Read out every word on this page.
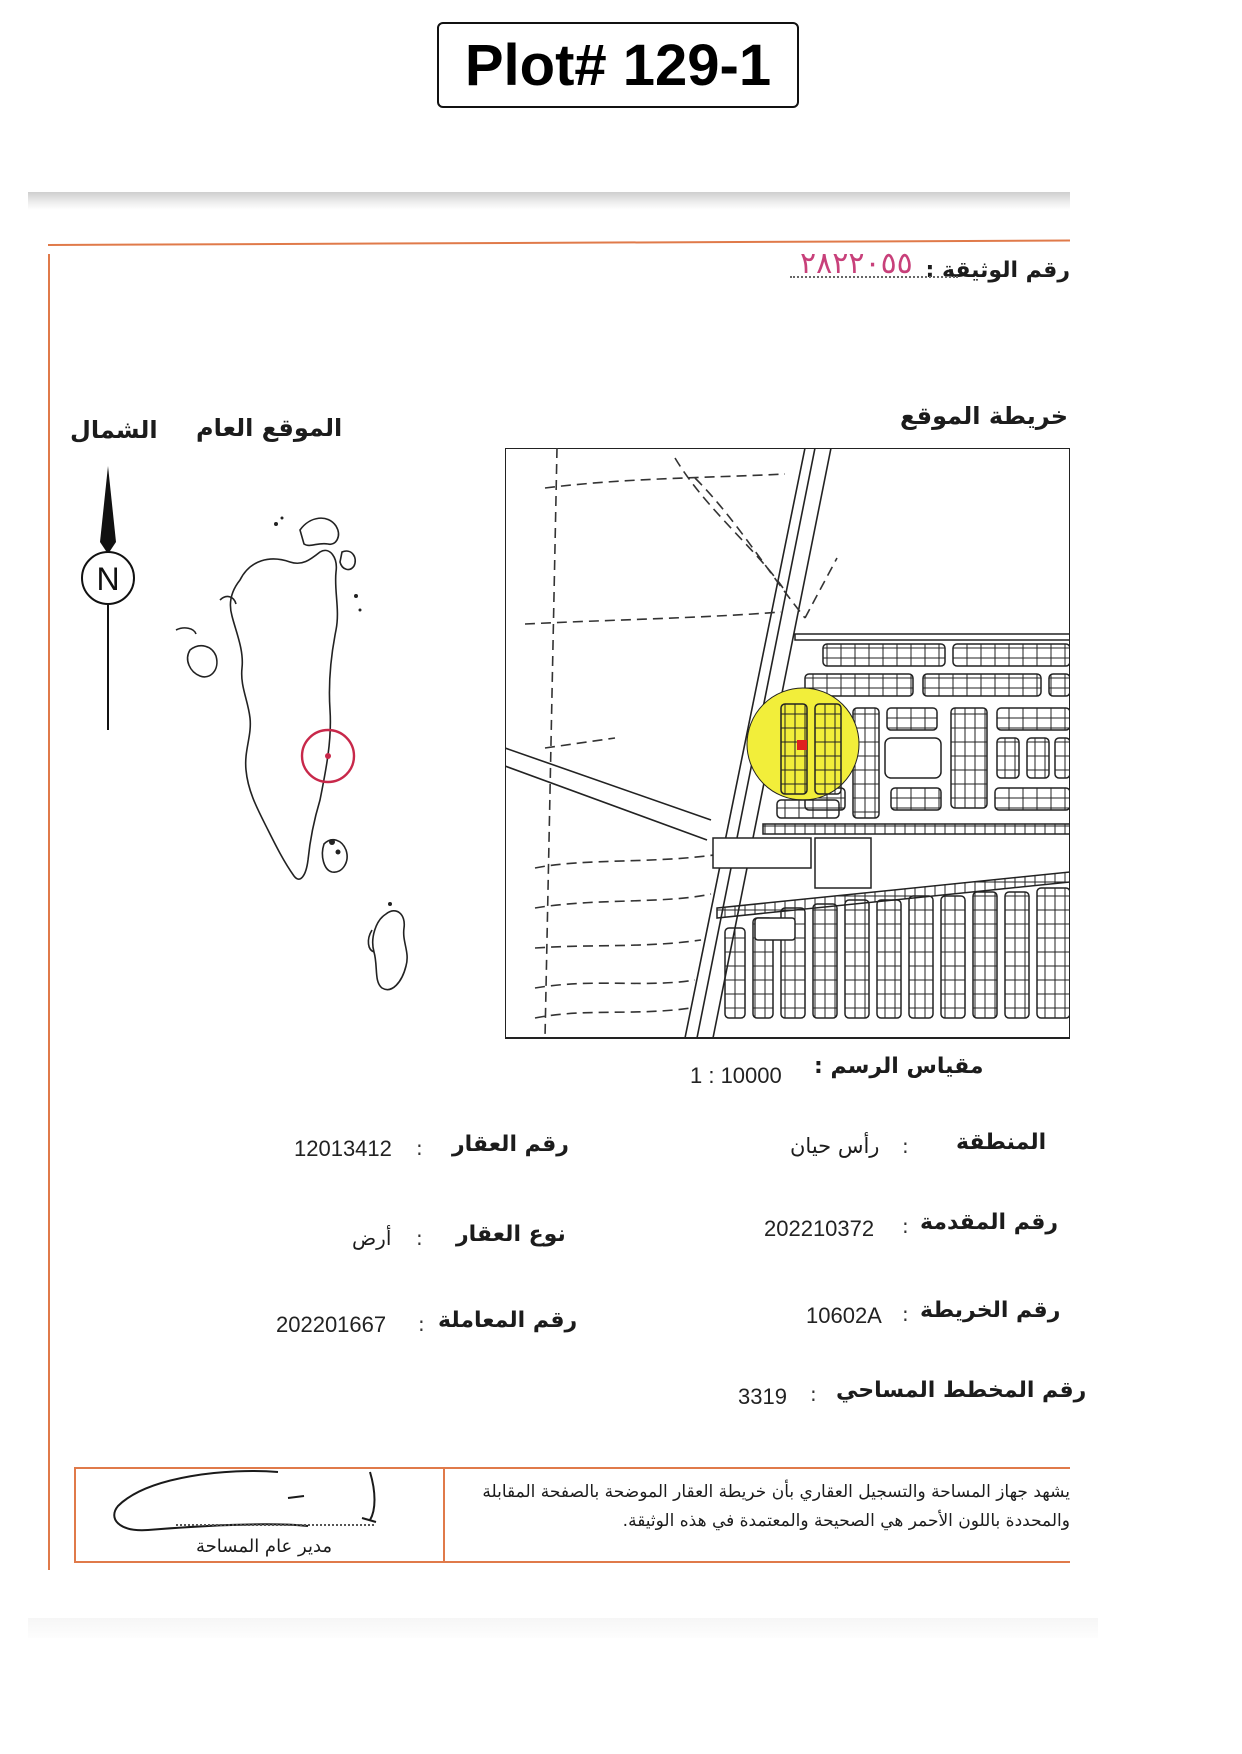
Plot# 129-1
رقم الوثيقة :
٢٨٢٢٠٥٥
خريطة الموقع
الموقع العام
الشمال
N
مقياس الرسم :
1 : 10000
المنطقة
:
رأس حيان
رقم العقار
:
12013412
رقم المقدمة
:
202210372
نوع العقار
:
أرض
رقم الخريطة
:
10602A
رقم المعاملة
:
202201667
رقم المخطط المساحي
:
3319
يشهد جهاز المساحة والتسجيل العقاري بأن خريطة العقار الموضحة بالصفحة المقابلة والمحددة باللون الأحمر هي الصحيحة والمعتمدة في هذه الوثيقة.
مدير عام المساحة
